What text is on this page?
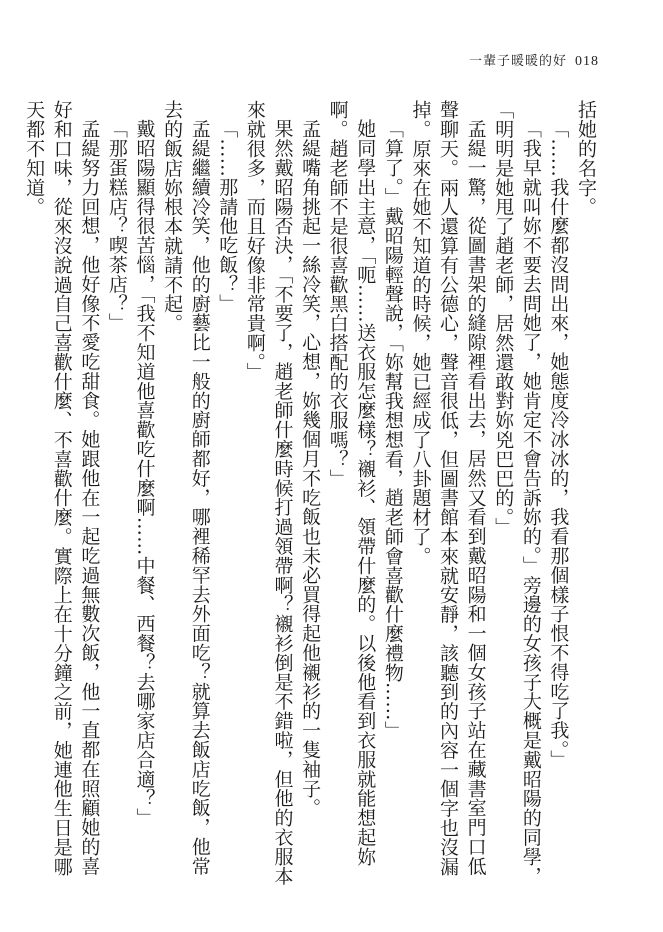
一輩子暖暖的好 018

括她的名字。

「……我什麼都沒問出來，她態度冷冰冰的，我看那個樣子恨不得吃了我。」

「我早就叫妳不要去問她了，她肯定不會告訴妳的。」旁邊的女孩子大概是戴昭陽的同學，「明明是她甩了趙老師，居然還敢對妳兇巴巴的。」

孟緹一驚，從圖書架的縫隙裡看出去，居然又看到戴昭陽和一個女孩子站在藏書室門口低聲聊天。兩人還算有公德心，聲音很低，但圖書館本來就安靜，該聽到的內容一個字也沒漏掉。原來在她不知道的時候，她已經成了八卦題材了。

「算了。」戴昭陽輕聲說，「妳幫我想想看，趙老師會喜歡什麼禮物……」

她同學出主意，「呃……送衣服怎麼樣？襯衫、領帶什麼的。以後他看到衣服就能想起妳啊。趙老師不是很喜歡黑白搭配的衣服嗎？」

孟緹嘴角挑起一絲冷笑，心想，妳幾個月不吃飯也未必買得起他襯衫的一隻袖子。

果然戴昭陽否決，「不要了，趙老師什麼時候打過領帶啊？襯衫倒是不錯啦，但他的衣服本來就很多，而且好像非常貴啊。」

「……那請他吃飯？」

孟緹繼續冷笑，他的廚藝比一般的廚師都好，哪裡稀罕去外面吃？就算去飯店吃飯，他常去的飯店妳根本就請不起。

戴昭陽顯得很苦惱，「我不知道他喜歡吃什麼啊……中餐、西餐？去哪家店合適？」

「那蛋糕店？喫茶店？」

孟緹努力回想，他好像不愛吃甜食。她跟他在一起吃過無數次飯，他一直都在照顧她的喜好和口味，從來沒說過自己喜歡什麼、不喜歡什麼。實際上在十分鐘之前，她連他生日是哪天都不知道。
